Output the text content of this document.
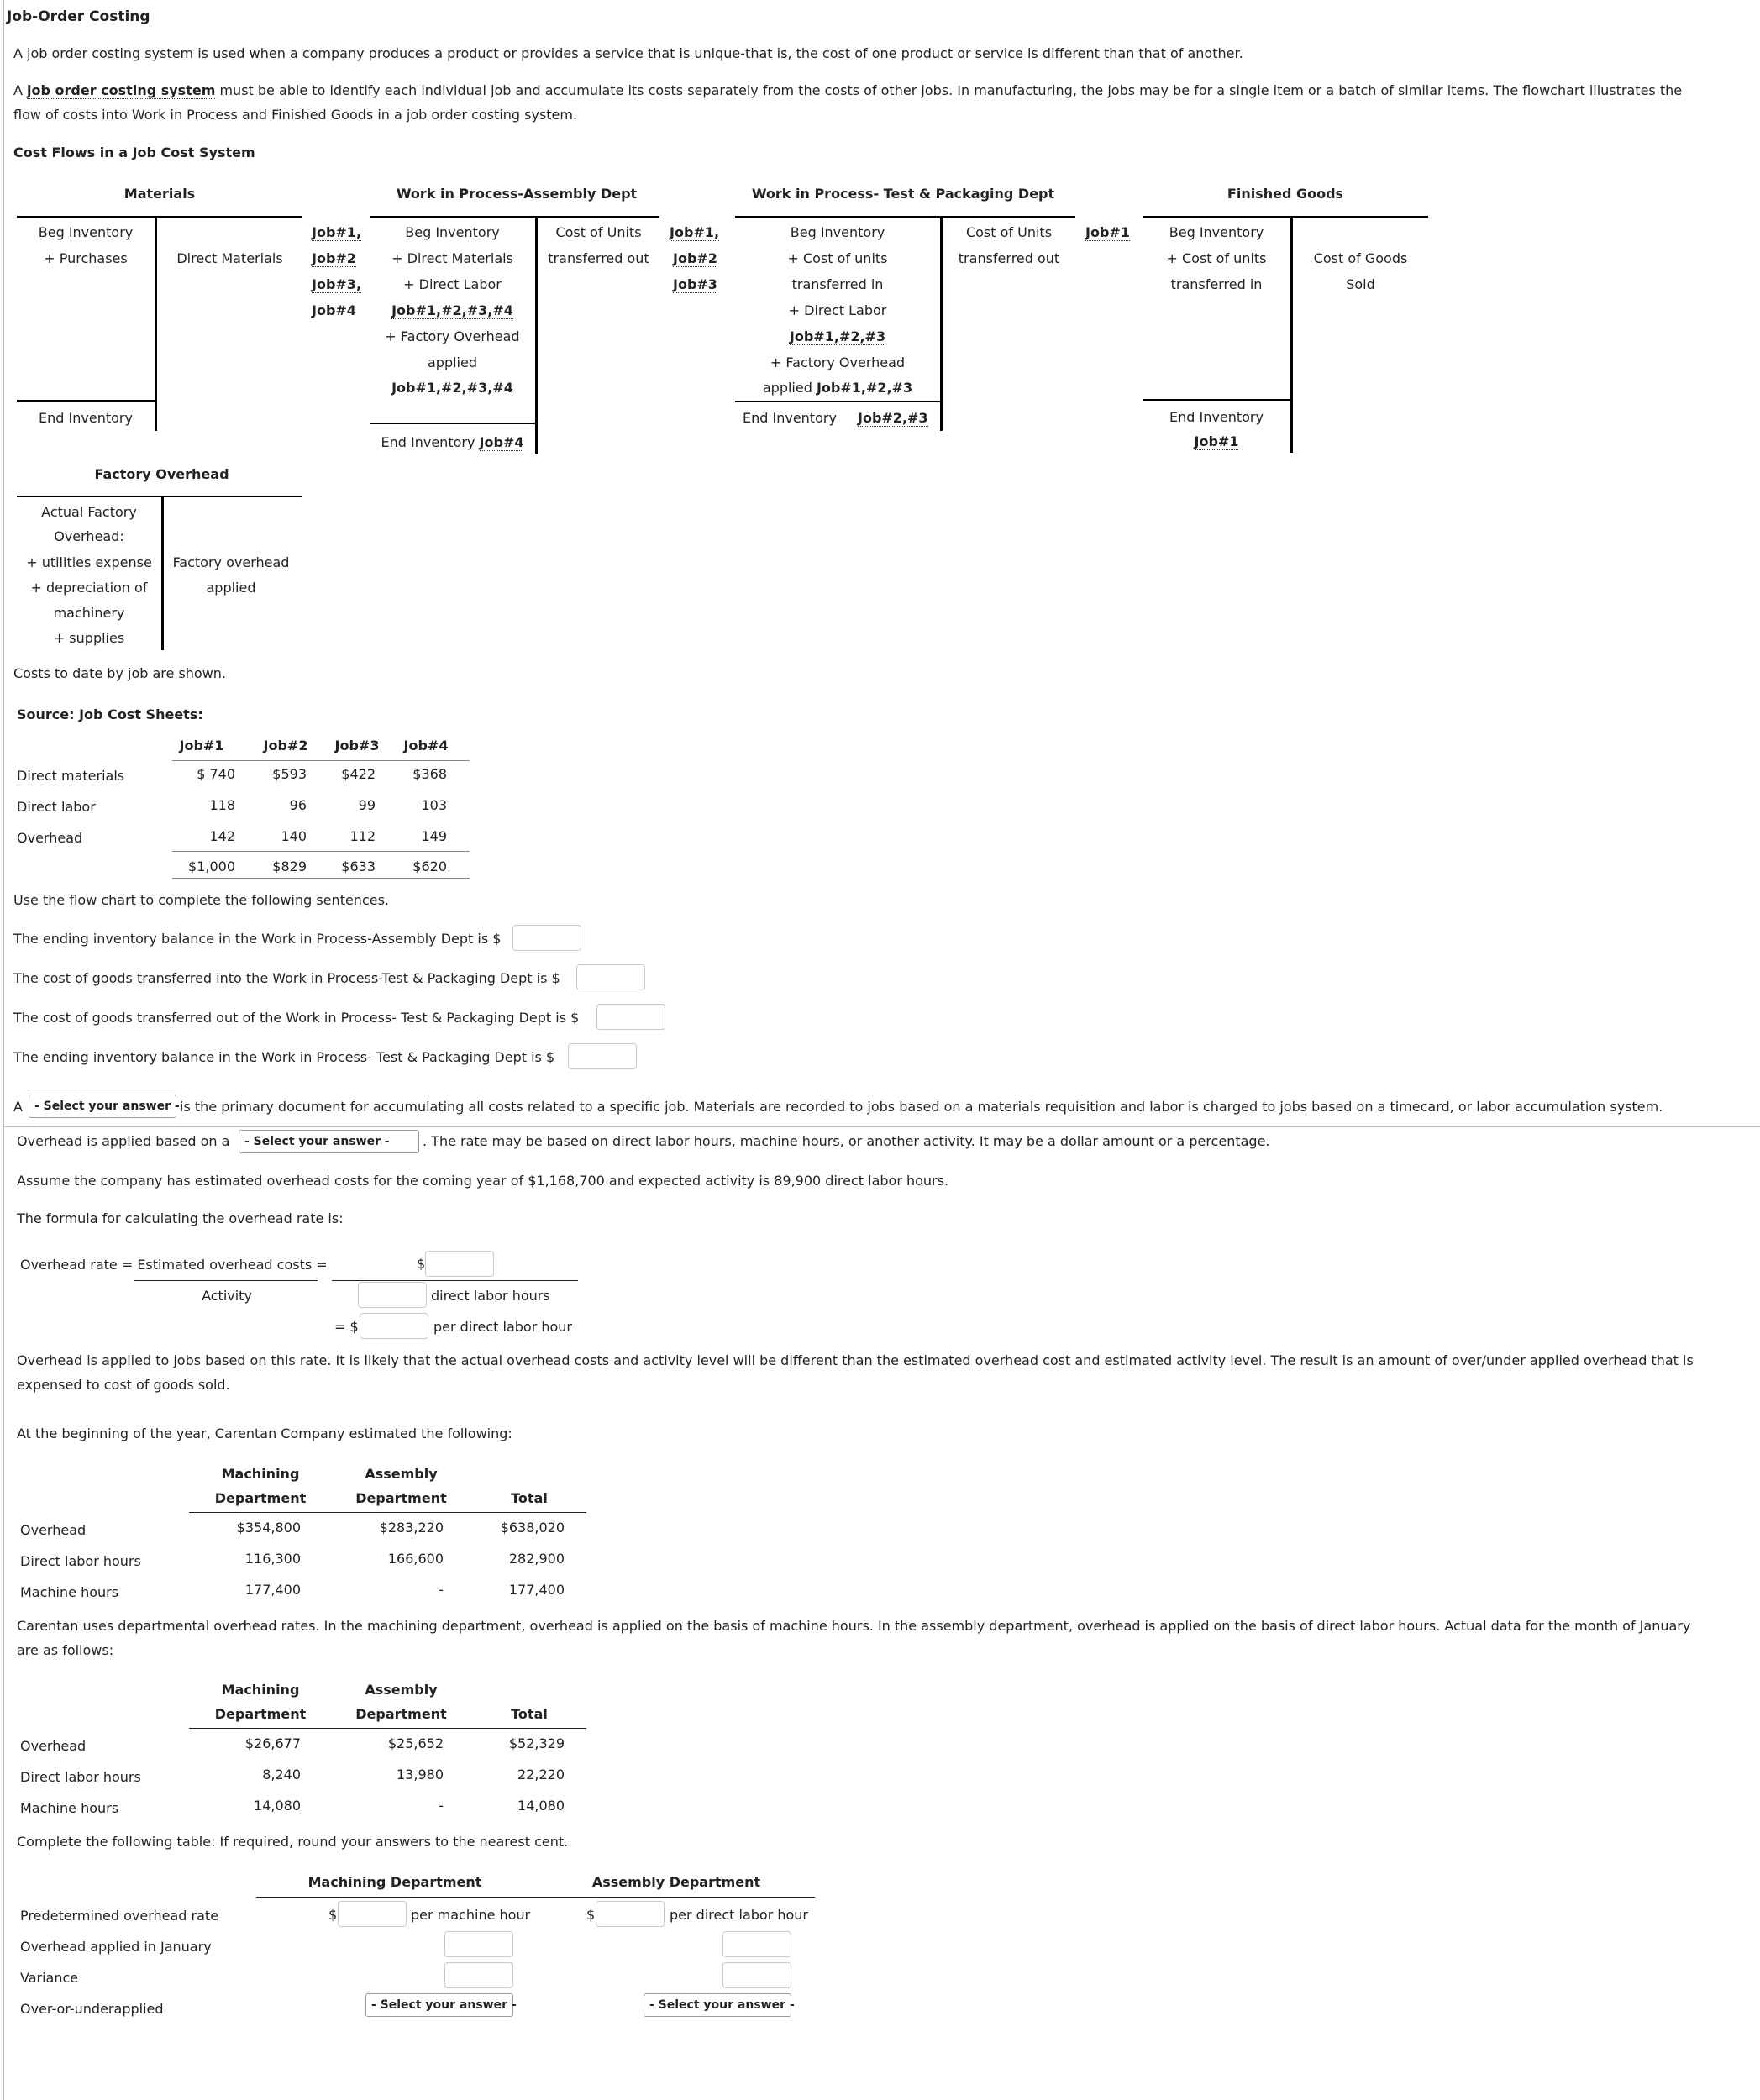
Job-Order Costing
A job order costing system is used when a company produces a product or provides a service that is unique-that is, the cost of one product or service is different than that of another.
A job order costing system must be able to identify each individual job and accumulate its costs separately from the costs of other jobs. In manufacturing, the jobs may be for a single item or a batch of similar items. The flowchart illustrates the
flow of costs into Work in Process and Finished Goods in a job order costing system.
Cost Flows in a Job Cost System
Materials
Beg Inventory
+ Purchases	Direct Materials
End Inventory
Job#1,
Job#2
Job#3,
Job#4
Work in Process-Assembly Dept
Beg Inventory
+ Direct Materials
+ Direct Labor
Job#1,#2,#3,#4
+ Factory Overhead
applied
Job#1,#2,#3,#4
End Inventory Job#4
Cost of Units
transferred out
Job#1,
Job#2
Job#3
Work in Process- Test & Packaging Dept
Beg Inventory
+ Cost of units
transferred in
+ Direct Labor
Job#1,#2,#3
+ Factory Overhead
applied Job#1,#2,#3
End Inventory Job#2,#3
Cost of Units
transferred out
Job#1
Finished Goods
Beg Inventory
+ Cost of units
transferred in
End Inventory
Job#1
Cost of Goods
Sold
Factory Overhead
Actual Factory
Overhead:
+ utilities expense
+ depreciation of
machinery
+ supplies
Factory overhead
applied
Costs to date by job are shown.
Source: Job Cost Sheets:
Job#1	Job#2	Job#3	Job#4
Direct materials	$ 740	$593	$422	$368
Direct labor	118	96	99	103
Overhead	142	140	112	149
$1,000	$829	$633	$620
Use the flow chart to complete the following sentences.
The ending inventory balance in the Work in Process-Assembly Dept is $
The cost of goods transferred into the Work in Process-Test & Packaging Dept is $
The cost of goods transferred out of the Work in Process- Test & Packaging Dept is $
The ending inventory balance in the Work in Process- Test & Packaging Dept is $
A	- Select your answer - is the primary document for accumulating all costs related to a specific job. Materials are recorded to jobs based on a materials requisition and labor is charged to jobs based on a timecard, or labor accumulation system.
Overhead is applied based on a	- Select your answer -	. The rate may be based on direct labor hours, machine hours, or another activity. It may be a dollar amount or a percentage.
Assume the company has estimated overhead costs for the coming year of $1,168,700 and expected activity is 89,900 direct labor hours.
The formula for calculating the overhead rate is:
Overhead rate = Estimated overhead costs =
Activity
$
direct labor hours
= $	per direct labor hour
Overhead is applied to jobs based on this rate. It is likely that the actual overhead costs and activity level will be different than the estimated overhead cost and estimated activity level. The result is an amount of over/under applied overhead that is
expensed to cost of goods sold.
At the beginning of the year, Carentan Company estimated the following:
Machining
Department
Assembly
Department	Total
Overhead	$354,800	$283,220	$638,020
Direct labor hours	116,300	166,600	282,900
Machine hours	177,400	-	177,400
Carentan uses departmental overhead rates. In the machining department, overhead is applied on the basis of machine hours. In the assembly department, overhead is applied on the basis of direct labor hours. Actual data for the month of January
are as follows:
Machining
Department
Assembly
Department	Total
Overhead	$26,677	$25,652	$52,329
Direct labor hours	8,240	13,980	22,220
Machine hours	14,080	-	14,080
Complete the following table: If required, round your answers to the nearest cent.
Machining Department	Assembly Department
Predetermined overhead rate	$	per machine hour	$	per direct labor hour
Overhead applied in January
Variance
Over-or-underapplied	- Select your answer -	- Select your answer -
